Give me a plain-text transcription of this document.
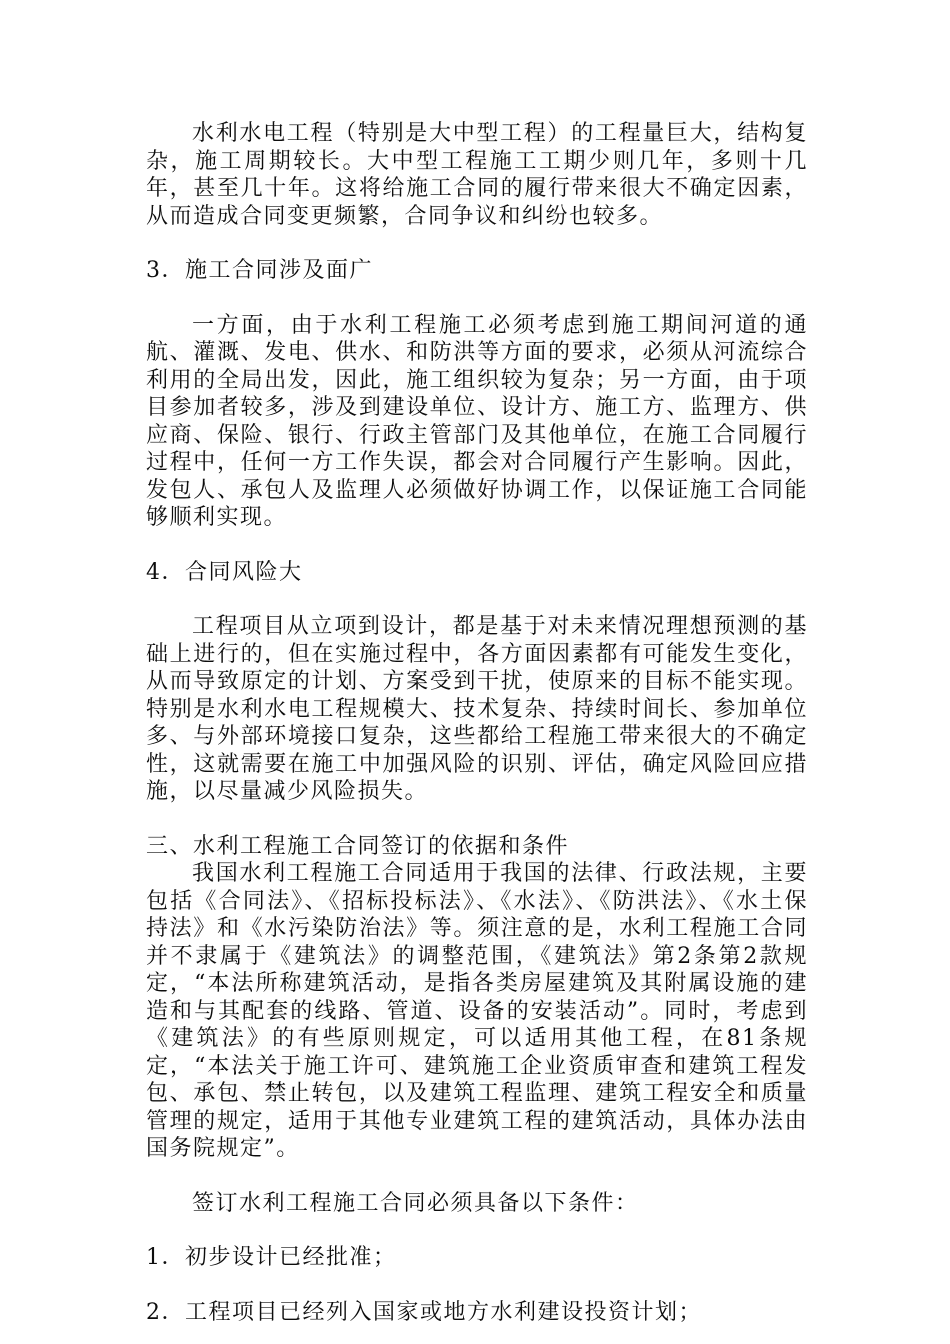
水利水电工程（特别是大中型工程）的工程量巨大，结构复杂，施工周期较长。大中型工程施工工期少则几年，多则十几年，甚至几十年。这将给施工合同的履行带来很大不确定因素，从而造成合同变更频繁，合同争议和纠纷也较多。

3．施工合同涉及面广

一方面，由于水利工程施工必须考虑到施工期间河道的通航、灌溉、发电、供水、和防洪等方面的要求，必须从河流综合利用的全局出发，因此，施工组织较为复杂；另一方面，由于项目参加者较多，涉及到建设单位、设计方、施工方、监理方、供应商、保险、银行、行政主管部门及其他单位，在施工合同履行过程中，任何一方工作失误，都会对合同履行产生影响。因此，发包人、承包人及监理人必须做好协调工作，以保证施工合同能够顺利实现。

4．合同风险大

工程项目从立项到设计，都是基于对未来情况理想预测的基础上进行的，但在实施过程中，各方面因素都有可能发生变化，从而导致原定的计划、方案受到干扰，使原来的目标不能实现。特别是水利水电工程规模大、技术复杂、持续时间长、参加单位多、与外部环境接口复杂，这些都给工程施工带来很大的不确定性，这就需要在施工中加强风险的识别、评估，确定风险回应措施，以尽量减少风险损失。

三、水利工程施工合同签订的依据和条件

我国水利工程施工合同适用于我国的法律、行政法规，主要包括《合同法》、《招标投标法》、《水法》、《防洪法》、《水土保持法》和《水污染防治法》等。须注意的是，水利工程施工合同并不隶属于《建筑法》的调整范围，《建筑法》第2条第2款规定，“本法所称建筑活动，是指各类房屋建筑及其附属设施的建造和与其配套的线路、管道、设备的安装活动”。同时，考虑到《建筑法》的有些原则规定，可以适用其他工程，在81条规定，“本法关于施工许可、建筑施工企业资质审查和建筑工程发包、承包、禁止转包，以及建筑工程监理、建筑工程安全和质量管理的规定，适用于其他专业建筑工程的建筑活动，具体办法由国务院规定”。

签订水利工程施工合同必须具备以下条件：

1．初步设计已经批准；

2．工程项目已经列入国家或地方水利建设投资计划；
